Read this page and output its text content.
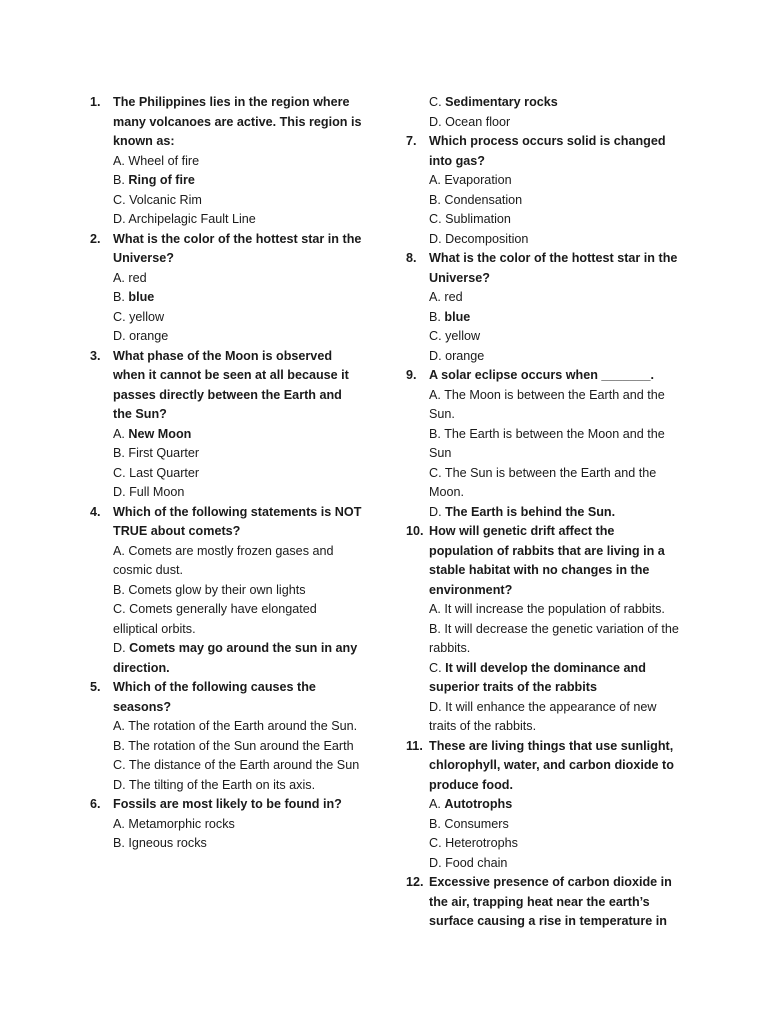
1. The Philippines lies in the region where many volcanoes are active. This region is known as:
A. Wheel of fire
B. Ring of fire
C. Volcanic Rim
D. Archipelagic Fault Line
2. What is the color of the hottest star in the Universe?
A. red
B. blue
C. yellow
D. orange
3. What phase of the Moon is observed when it cannot be seen at all because it passes directly between the Earth and the Sun?
A. New Moon
B. First Quarter
C. Last Quarter
D. Full Moon
4. Which of the following statements is NOT TRUE about comets?
A. Comets are mostly frozen gases and cosmic dust.
B. Comets glow by their own lights
C. Comets generally have elongated elliptical orbits.
D. Comets may go around the sun in any direction.
5. Which of the following causes the seasons?
A. The rotation of the Earth around the Sun.
B. The rotation of the Sun around the Earth
C. The distance of the Earth around the Sun
D. The tilting of the Earth on its axis.
6. Fossils are most likely to be found in?
A. Metamorphic rocks
B. Igneous rocks
C. Sedimentary rocks
D. Ocean floor
7. Which process occurs solid is changed into gas?
A. Evaporation
B. Condensation
C. Sublimation
D. Decomposition
8. What is the color of the hottest star in the Universe?
A. red
B. blue
C. yellow
D. orange
9. A solar eclipse occurs when _______.
A. The Moon is between the Earth and the Sun.
B. The Earth is between the Moon and the Sun
C. The Sun is between the Earth and the Moon.
D. The Earth is behind the Sun.
10. How will genetic drift affect the population of rabbits that are living in a stable habitat with no changes in the environment?
A. It will increase the population of rabbits.
B. It will decrease the genetic variation of the rabbits.
C. It will develop the dominance and superior traits of the rabbits
D. It will enhance the appearance of new traits of the rabbits.
11. These are living things that use sunlight, chlorophyll, water, and carbon dioxide to produce food.
A. Autotrophs
B. Consumers
C. Heterotrophs
D. Food chain
12. Excessive presence of carbon dioxide in the air, trapping heat near the earth’s surface causing a rise in temperature in
